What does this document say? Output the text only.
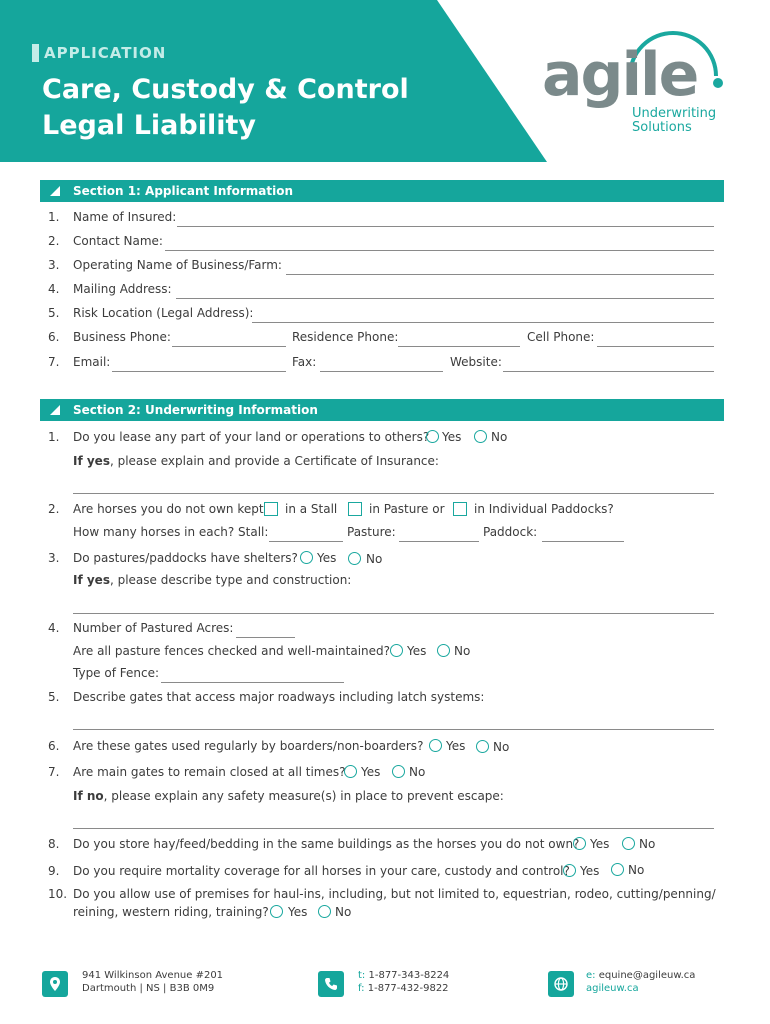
APPLICATION
Care, Custody & Control
Legal Liability
agile
Underwriting
Solutions
Section 1: Applicant Information
1. Name of Insured:
2. Contact Name:
3. Operating Name of Business/Farm:
4. Mailing Address:
5. Risk Location (Legal Address):
6. Business Phone:	Residence Phone:	Cell Phone:
7. Email:	Fax:	Website:
Section 2: Underwriting Information
1. Do you lease any part of your land or operations to others? Yes No
If yes, please explain and provide a Certificate of Insurance:
2. Are horses you do not own kept in a Stall	in Pasture or in Individual Paddocks?
How many horses in each? Stall:	Pasture:	Paddock:
3. Do pastures/paddocks have shelters? Yes No
If yes, please describe type and construction:
4. Number of Pastured Acres:
Are all pasture fences checked and well-maintained? Yes No
Type of Fence:
5. Describe gates that access major roadways including latch systems:
6. Are these gates used regularly by boarders/non-boarders? Yes No
7. Are main gates to remain closed at all times? Yes No
If no, please explain any safety measure(s) in place to prevent escape:
8. Do you store hay/feed/bedding in the same buildings as the horses you do not own? Yes No
9. Do you require mortality coverage for all horses in your care, custody and control? Yes No
10. Do you allow use of premises for haul-ins, including, but not limited to, equestrian, rodeo, cutting/penning/
reining, western riding, training? Yes No
941 Wilkinson Avenue #201
Dartmouth | NS | B3B 0M9
t: 1-877-343-8224
f: 1-877-432-9822
e: equine@agileuw.ca
agileuw.ca
